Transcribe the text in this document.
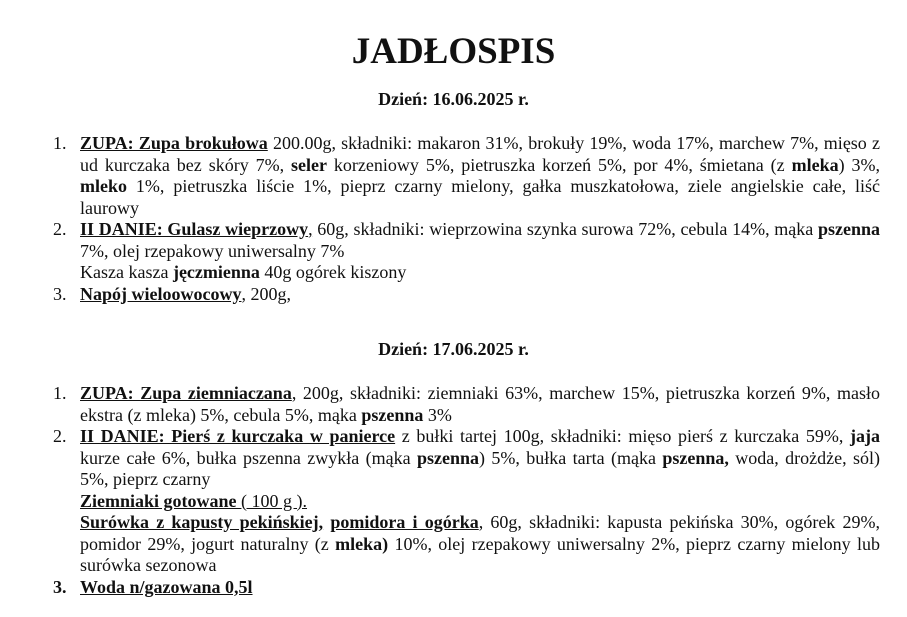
JADŁOSPIS
Dzień: 16.06.2025 r.
1. ZUPA: Zupa brokułowa 200.00g, składniki: makaron 31%, brokuły 19%, woda 17%, marchew 7%, mięso z ud kurczaka bez skóry 7%, seler korzeniowy 5%, pietruszka korzeń 5%, por 4%, śmietana (z mleka) 3%, mleko 1%, pietruszka liście 1%, pieprz czarny mielony, gałka muszkatołowa, ziele angielskie całe, liść laurowy
2. II DANIE: Gulasz wieprzowy, 60g, składniki: wieprzowina szynka surowa 72%, cebula 14%, mąka pszenna 7%, olej rzepakowy uniwersalny 7%
Kasza kasza jęczmienna 40g ogórek kiszony
3. Napój wieloowocowy, 200g,
Dzień: 17.06.2025 r.
1. ZUPA: Zupa ziemniaczana, 200g, składniki: ziemniaki 63%, marchew 15%, pietruszka korzeń 9%, masło ekstra (z mleka) 5%, cebula 5%, mąka pszenna 3%
2. II DANIE: Pierś z kurczaka w panierce z bułki tartej 100g, składniki: mięso pierś z kurczaka 59%, jaja kurze całe 6%, bułka pszenna zwykła (mąka pszenna) 5%, bułka tarta (mąka pszenna, woda, drożdże, sól) 5%, pieprz czarny
Ziemniaki gotowane ( 100 g ).
Surówka z kapusty pekińskiej, pomidora i ogórka, 60g, składniki: kapusta pekińska 30%, ogórek 29%, pomidor 29%, jogurt naturalny (z mleka) 10%, olej rzepakowy uniwersalny 2%, pieprz czarny mielony lub surówka sezonowa
3. Woda n/gazowana 0,5l
